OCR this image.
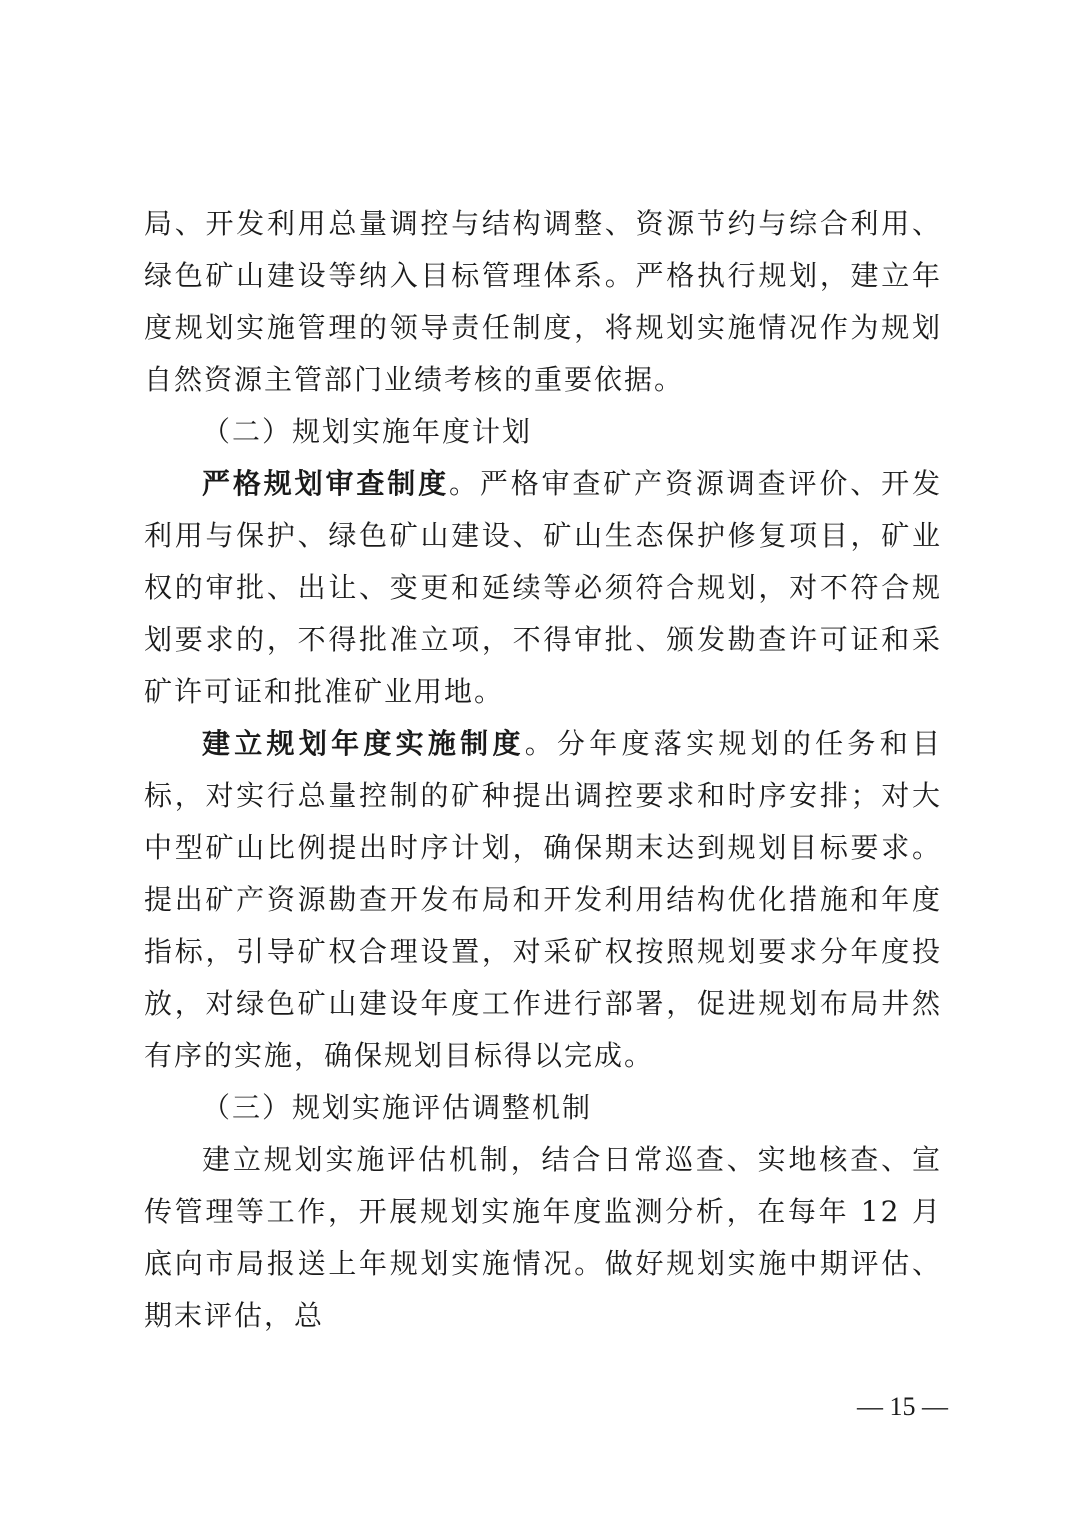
局、开发利用总量调控与结构调整、资源节约与综合利用、绿色矿山建设等纳入目标管理体系。严格执行规划，建立年度规划实施管理的领导责任制度，将规划实施情况作为规划自然资源主管部门业绩考核的重要依据。

（二）规划实施年度计划

严格规划审查制度。严格审查矿产资源调查评价、开发利用与保护、绿色矿山建设、矿山生态保护修复项目，矿业权的审批、出让、变更和延续等必须符合规划，对不符合规划要求的，不得批准立项，不得审批、颁发勘查许可证和采矿许可证和批准矿业用地。

建立规划年度实施制度。分年度落实规划的任务和目标，对实行总量控制的矿种提出调控要求和时序安排；对大中型矿山比例提出时序计划，确保期末达到规划目标要求。提出矿产资源勘查开发布局和开发利用结构优化措施和年度指标，引导矿权合理设置，对采矿权按照规划要求分年度投放，对绿色矿山建设年度工作进行部署，促进规划布局井然有序的实施，确保规划目标得以完成。

（三）规划实施评估调整机制

建立规划实施评估机制，结合日常巡查、实地核查、宣传管理等工作，开展规划实施年度监测分析，在每年 12 月底向市局报送上年规划实施情况。做好规划实施中期评估、期末评估，总

— 15 —
